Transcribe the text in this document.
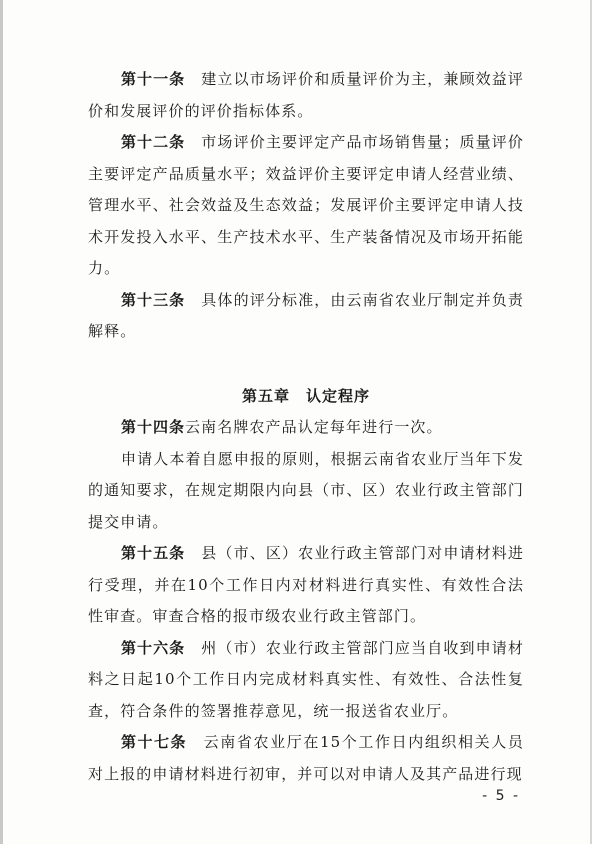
第十一条　建立以市场评价和质量评价为主，兼顾效益评价和发展评价的评价指标体系。

第十二条　市场评价主要评定产品市场销售量；质量评价主要评定产品质量水平；效益评价主要评定申请人经营业绩、管理水平、社会效益及生态效益；发展评价主要评定申请人技术开发投入水平、生产技术水平、生产装备情况及市场开拓能力。

第十三条　具体的评分标准，由云南省农业厅制定并负责解释。

第五章　认定程序

第十四条云南名牌农产品认定每年进行一次。

申请人本着自愿申报的原则，根据云南省农业厅当年下发的通知要求，在规定期限内向县（市、区）农业行政主管部门提交申请。

第十五条　县（市、区）农业行政主管部门对申请材料进行受理，并在10个工作日内对材料进行真实性、有效性合法性审查。审查合格的报市级农业行政主管部门。

第十六条　州（市）农业行政主管部门应当自收到申请材料之日起10个工作日内完成材料真实性、有效性、合法性复查，符合条件的签署推荐意见，统一报送省农业厅。

第十七条　云南省农业厅在15个工作日内组织相关人员对上报的申请材料进行初审，并可以对申请人及其产品进行现

- 5 -
